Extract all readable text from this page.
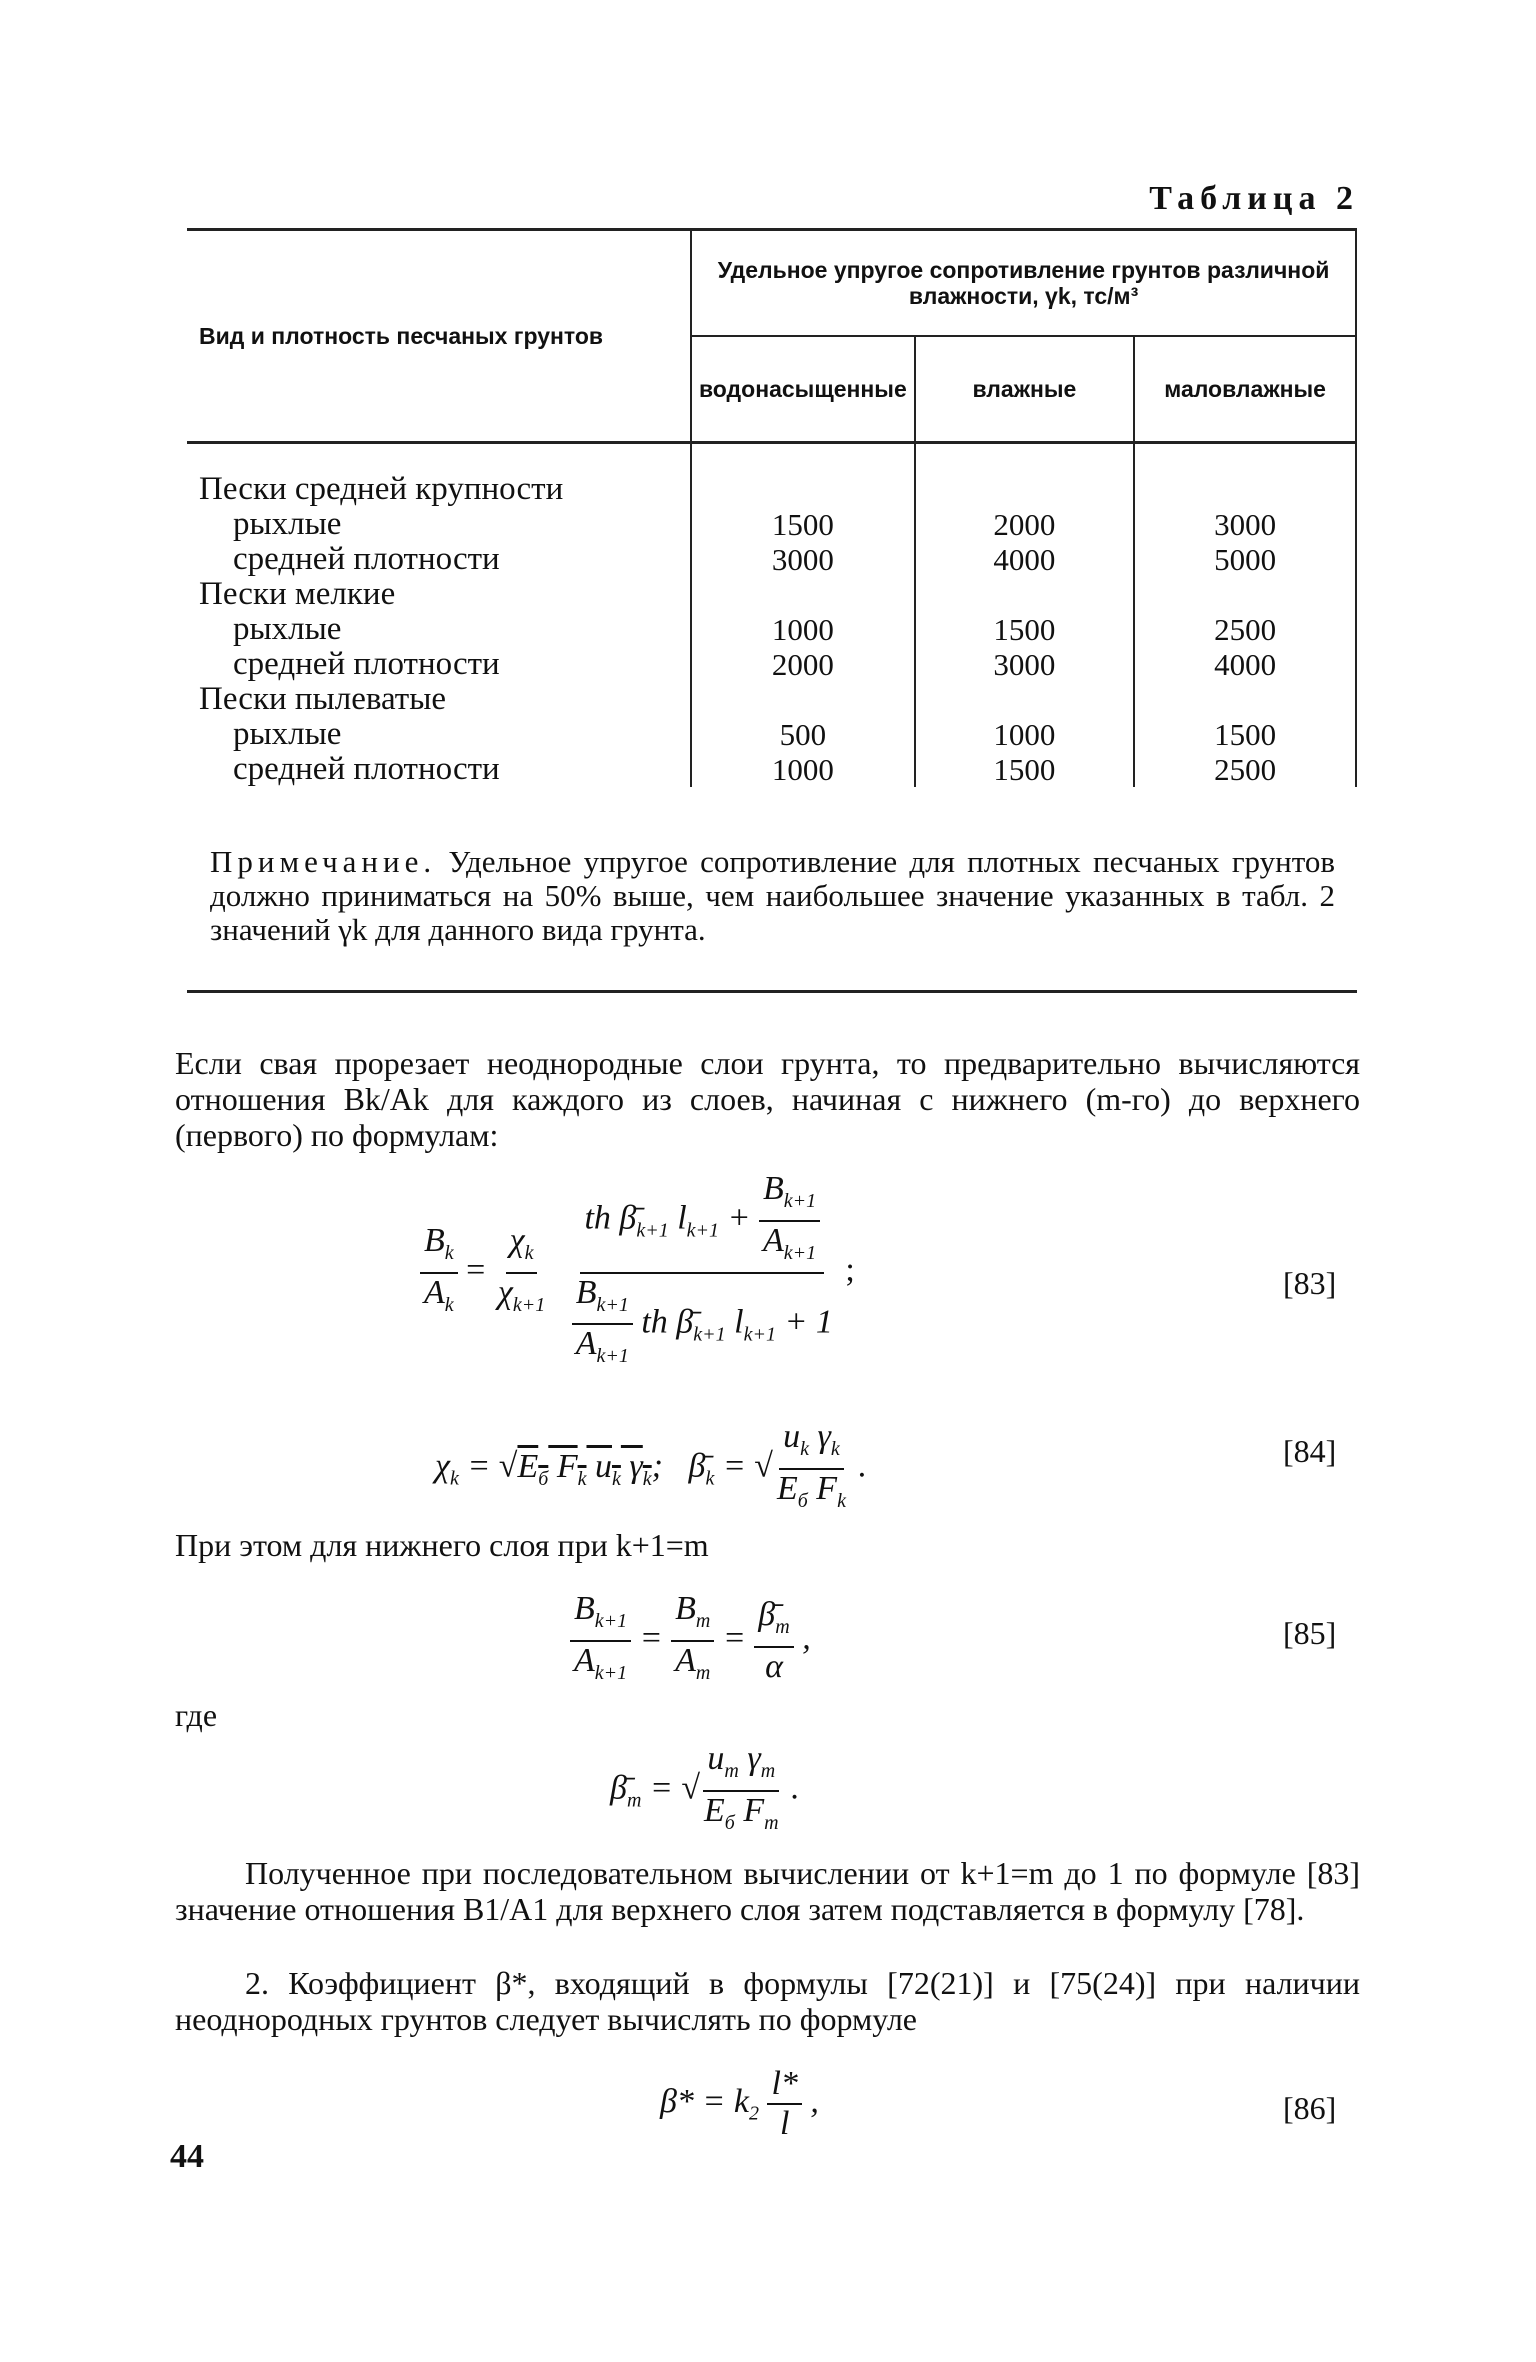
Таблица 2
Вид и плотность песчаных грунтов	Удельное упругое сопротивление грунтов различной влажности, γk, тс/м³		
	водонасыщенные	влажные	маловлажные
Пески средней крупности			
рыхлые	1500	2000	3000
средней плотности	3000	4000	5000
Пески мелкие			
рыхлые	1000	1500	2500
средней плотности	2000	3000	4000
Пески пылеватые			
рыхлые	500	1000	1500
средней плотности	1000	1500	2500
Примечание. Удельное упругое сопротивление для плотных песчаных грунтов должно приниматься на 50% выше, чем наибольшее значение указанных в табл. 2 значений γk для данного вида грунта.
Если свая прорезает неоднородные слои грунта, то предварительно вычисляются отношения Bk/Ak для каждого из слоев, начиная с нижнего (m-го) до верхнего (первого) по формулам:
$\frac{B_k}{A_k} = \frac{\chi_k}{\chi_{k+1}}$
$\frac{th \betā_{k+1} l_{k+1} + \frac{B_{k+1}}{A_{k+1}}}{\frac{B_{k+1}}{A_{k+1}} th \betā_{k+1} l_{k+1} + 1}$ ;	[83]
$\chi_k = √E_б$ $F_k$ $u_k$ $\gamma_k$;   $\betā_k$ = √ $\frac{u_k \gamma_k}{E_б F_k}$ .	[84]
При этом для нижнего слоя при k+1=m
$\frac{B_{k+1}}{A_{k+1}} = \frac{B_m}{A_m} = \frac{\betā_m}{\alpha}$ ,	[85]
где
$\betā_m$ = √ $\frac{u_m \gamma_m}{E_б F_m}$ .
Полученное при последовательном вычислении от k+1=m до 1 по формуле [83] значение отношения B1/A1 для верхнего слоя затем подставляется в формулу [78].
2. Коэффициент β*, входящий в формулы [72(21)] и [75(24)] при наличии неоднородных грунтов следует вычислять по формуле
$\beta* = k_2 \frac{l*}{l}$ ,	[86]
44
